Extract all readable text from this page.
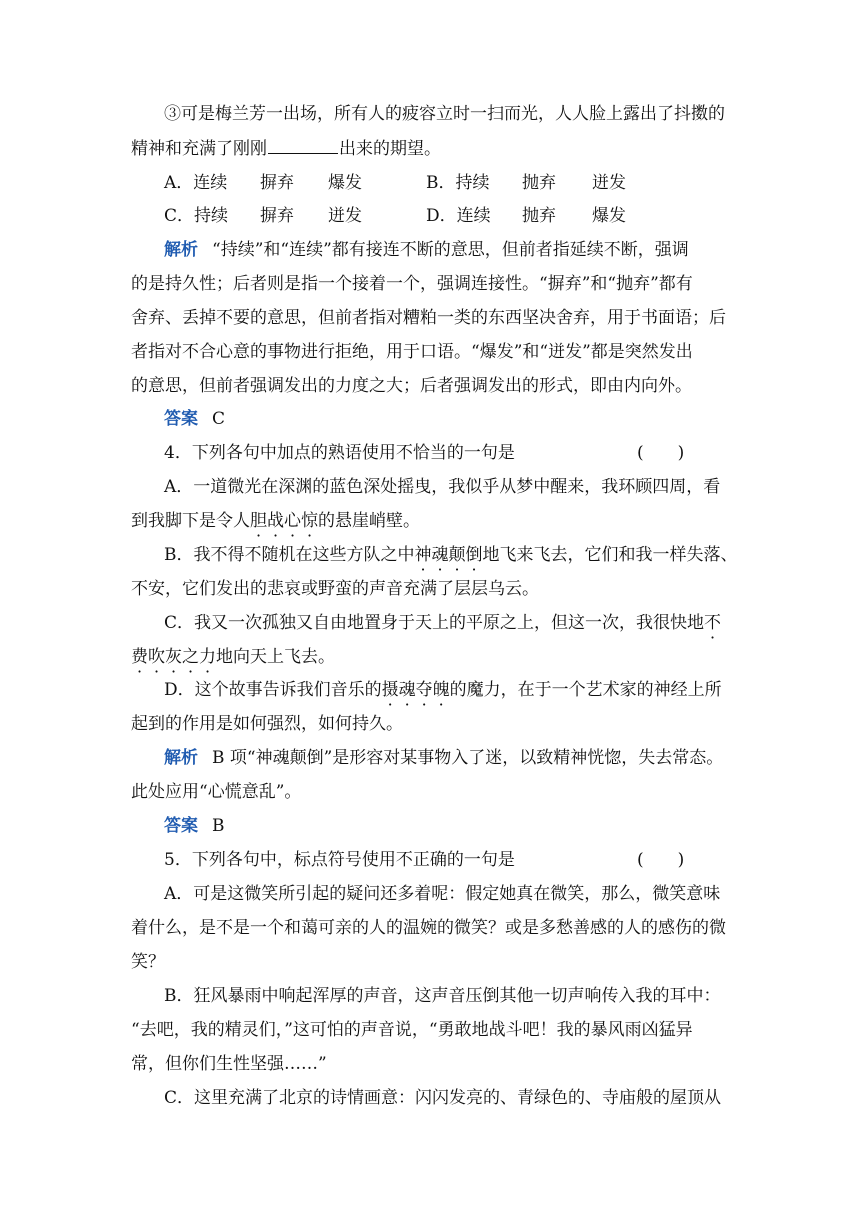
③可是梅兰芳一出场，所有人的疲容立时一扫而光，人人脸上露出了抖擞的
精神和充满了刚刚	出来的期望。
A．连续 摒弃 爆发	B．持续 抛弃 迸发
C．持续 摒弃 迸发	D．连续 抛弃 爆发
解析 “持续”和“连续”都有接连不断的意思，但前者指延续不断，强调
的是持久性；后者则是指一个接着一个，强调连接性。“摒弃”和“抛弃”都有
舍弃、丢掉不要的意思，但前者指对糟粕一类的东西坚决舍弃，用于书面语；后
者指对不合心意的事物进行拒绝，用于口语。“爆发”和“迸发”都是突然发出
的意思，但前者强调发出的力度之大；后者强调发出的形式，即由内向外。
答案 C
4．下列各句中加点的熟语使用不恰当的一句是	(　　)
A．一道微光在深渊的蓝色深处摇曳，我似乎从梦中醒来，我环顾四周，看
到我脚下是令人胆战心惊的悬崖峭壁。
B．我不得不随机在这些方队之中神魂颠倒地飞来飞去，它们和我一样失落、
不安，它们发出的悲哀或野蛮的声音充满了层层乌云。
C．我又一次孤独又自由地置身于天上的平原之上，但这一次，我很快地不
费吹灰之力地向天上飞去。
D．这个故事告诉我们音乐的摄魂夺魄的魔力，在于一个艺术家的神经上所
起到的作用是如何强烈，如何持久。
解析 B 项“神魂颠倒”是形容对某事物入了迷，以致精神恍惚，失去常态。
此处应用“心慌意乱”。
答案 B
5．下列各句中，标点符号使用不正确的一句是	(　　)
A．可是这微笑所引起的疑问还多着呢：假定她真在微笑，那么，微笑意味
着什么，是不是一个和蔼可亲的人的温婉的微笑？或是多愁善感的人的感伤的微
笑？
B．狂风暴雨中响起浑厚的声音，这声音压倒其他一切声响传入我的耳中：
“去吧，我的精灵们，”这可怕的声音说，“勇敢地战斗吧！我的暴风雨凶猛异
常，但你们生性坚强……”
C．这里充满了北京的诗情画意：闪闪发亮的、青绿色的、寺庙般的屋顶从
